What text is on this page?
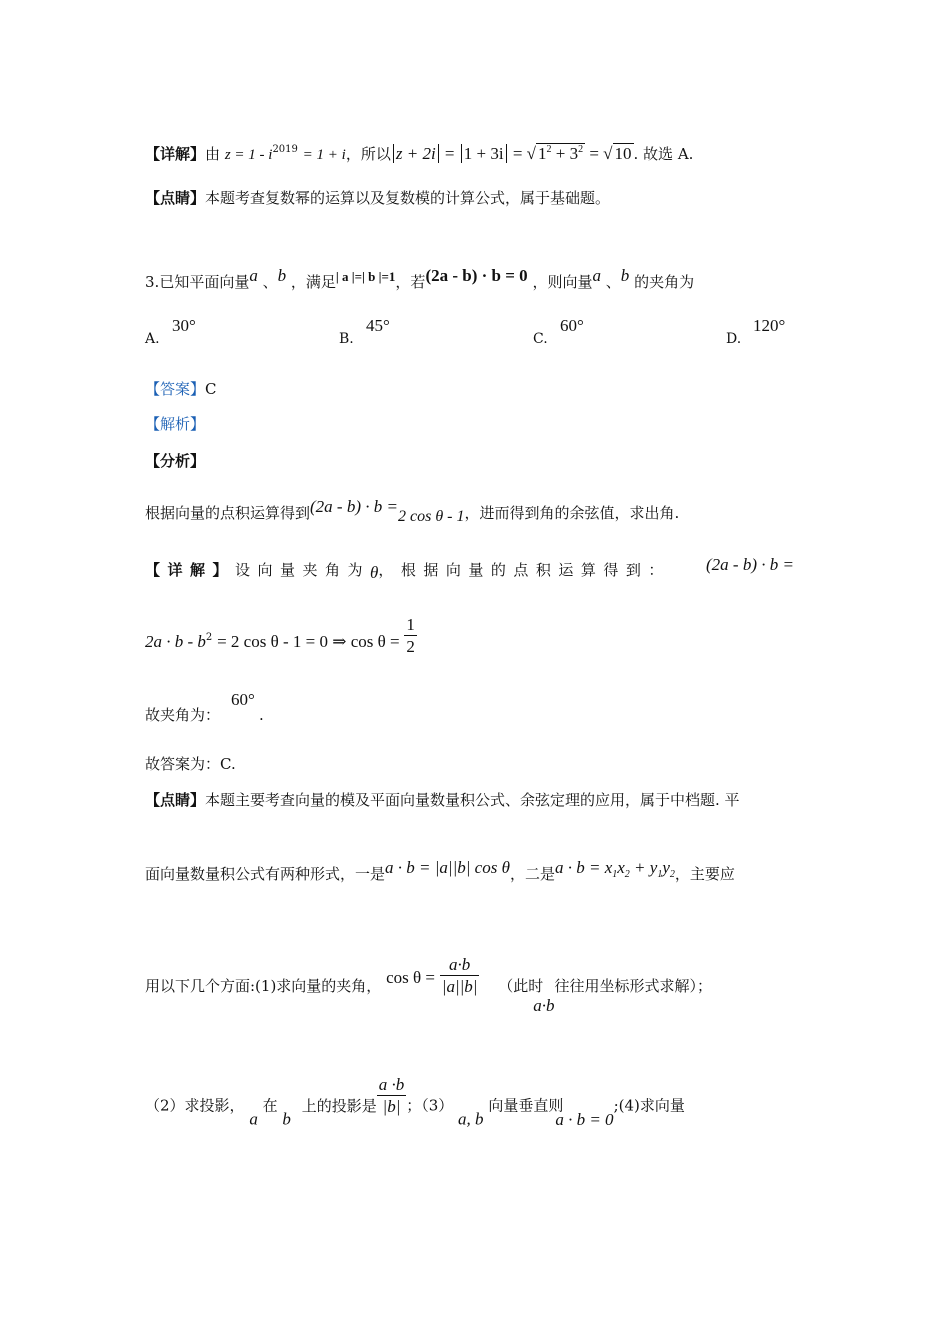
【详解】由 $z = 1 - i^{2019} = 1 + i$，所以 z + 2i = 1 + 3i = √ $1^2 + 3^2$ = √ 10 . 故选 A.
【点睛】本题考查复数幂的运算以及复数模的计算公式，属于基础题。
3.已知平面向量a 、b ，满足| a |=| b |=1，若(2a - b) · b = 0 ，则向量a 、b 的夹角为
A.
30°
B.
45°
C.
60°
D.
120°
【答案】C
【解析】
【分析】
根据向量的点积运算得到(2a - b) · b =2 cos θ - 1，进而得到角的余弦值，求出角.
【详解】设向量夹角为θ，根据向量的点积运算得到： (2a - b) · b =
$2a \cdot b - b^2 = 2$ cos θ - 1 = 0 ⇒ $\cos \theta = \frac{1}{2}$
故夹角为：
60°
.
故答案为：C.
【点睛】本题主要考查向量的模及平面向量数量积公式、余弦定理的应用，属于中档题. 平
面向量数量积公式有两种形式，一是a · b = |a||b| cos θ，二是$a \cdot b = x_1x_2 + y_1y_2$，主要应
用以下几个方面:(1)求向量的夹角， $\cos \theta = \frac{a\cdot b}{|a||b|}$ （此时a·b往往用坐标形式求解）；
（2）求投影， a 在 b 上的投影是 $\frac{a \cdot b}{|b|}$ ；（3） a, b 向量垂直则a · b = 0;(4)求向量
